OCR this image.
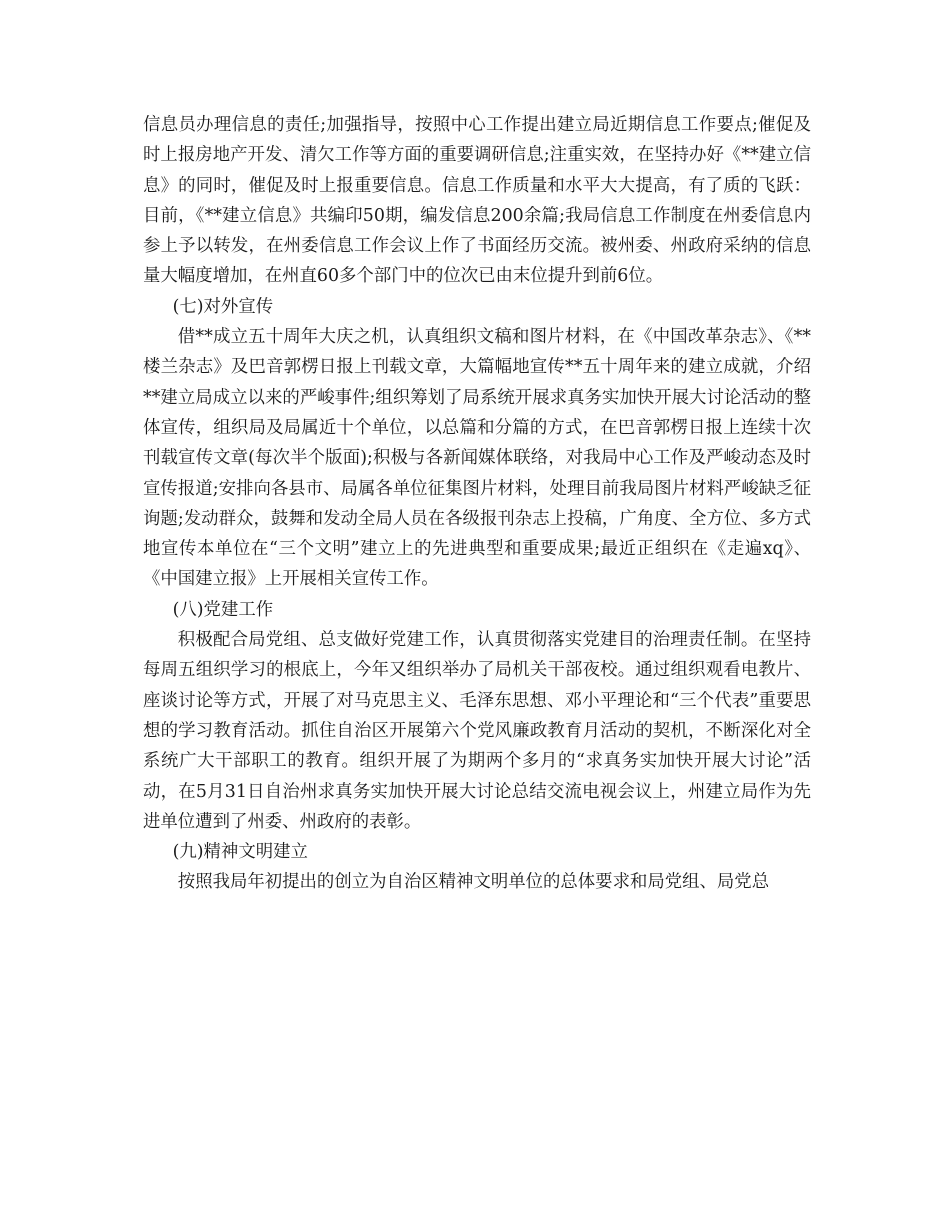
信息员办理信息的责任;加强指导，按照中心工作提出建立局近期信息工作要点;催促及时上报房地产开发、清欠工作等方面的重要调研信息;注重实效，在坚持办好《**建立信息》的同时，催促及时上报重要信息。信息工作质量和水平大大提高，有了质的飞跃：目前，《**建立信息》共编印50期，编发信息200余篇;我局信息工作制度在州委信息内参上予以转发，在州委信息工作会议上作了书面经历交流。被州委、州政府采纳的信息量大幅度增加，在州直60多个部门中的位次已由末位提升到前6位。

(七)对外宣传

借**成立五十周年大庆之机，认真组织文稿和图片材料，在《中国改革杂志》、《**楼兰杂志》及巴音郭楞日报上刊载文章，大篇幅地宣传**五十周年来的建立成就，介绍**建立局成立以来的严峻事件;组织筹划了局系统开展求真务实加快开展大讨论活动的整体宣传，组织局及局属近十个单位，以总篇和分篇的方式，在巴音郭楞日报上连续十次刊载宣传文章(每次半个版面);积极与各新闻媒体联络，对我局中心工作及严峻动态及时宣传报道;安排向各县市、局属各单位征集图片材料，处理目前我局图片材料严峻缺乏征询题;发动群众，鼓舞和发动全局人员在各级报刊杂志上投稿，广角度、全方位、多方式地宣传本单位在“三个文明”建立上的先进典型和重要成果;最近正组织在《走遍xq》、《中国建立报》上开展相关宣传工作。

(八)党建工作

积极配合局党组、总支做好党建工作，认真贯彻落实党建目的治理责任制。在坚持每周五组织学习的根底上，今年又组织举办了局机关干部夜校。通过组织观看电教片、座谈讨论等方式，开展了对马克思主义、毛泽东思想、邓小平理论和“三个代表”重要思想的学习教育活动。抓住自治区开展第六个党风廉政教育月活动的契机，不断深化对全系统广大干部职工的教育。组织开展了为期两个多月的“求真务实加快开展大讨论”活动，在5月31日自治州求真务实加快开展大讨论总结交流电视会议上，州建立局作为先进单位遭到了州委、州政府的表彰。

(九)精神文明建立

按照我局年初提出的创立为自治区精神文明单位的总体要求和局党组、局党总
